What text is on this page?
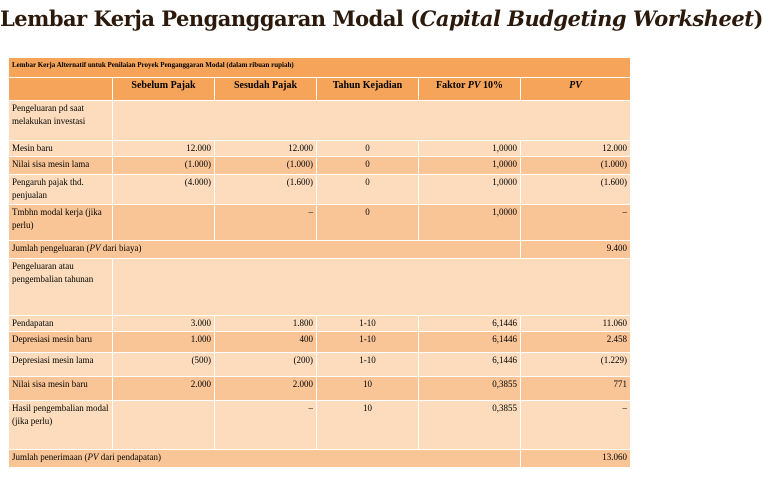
Lembar Kerja Penganggaran Modal (Capital Budgeting Worksheet)
Lembar Kerja Alternatif untuk Penilaian Proyek Penganggaran Modal (dalam ribuan rupiah)					
	Sebelum Pajak	Sesudah Pajak	Tahun Kejadian	Faktor PV 10%	PV
Pengeluaran pd saat melakukan investasi					
Mesin baru	12.000	12.000	0	1,0000	12.000
Nilai sisa mesin lama	(1.000)	(1.000)	0	1,0000	(1.000)
Pengaruh pajak thd. penjualan	(4.000)	(1.600)	0	1,0000	(1.600)
Tmbhn modal kerja (jika perlu)		–	0	1,0000	–
Jumlah pengeluaran (PV dari biaya)					9.400
Pengeluaran atau pengembalian tahunan					
Pendapatan	3.000	1.800	1-10	6,1446	11.060
Depresiasi mesin baru	1.000	400	1-10	6,1446	2.458
Depresiasi mesin lama	(500)	(200)	1-10	6,1446	(1.229)
Nilai sisa mesin baru	2.000	2.000	10	0,3855	771
Hasil pengembalian modal (jika perlu)		–	10	0,3855	–
Jumlah penerimaan (PV dari pendapatan)					13.060
